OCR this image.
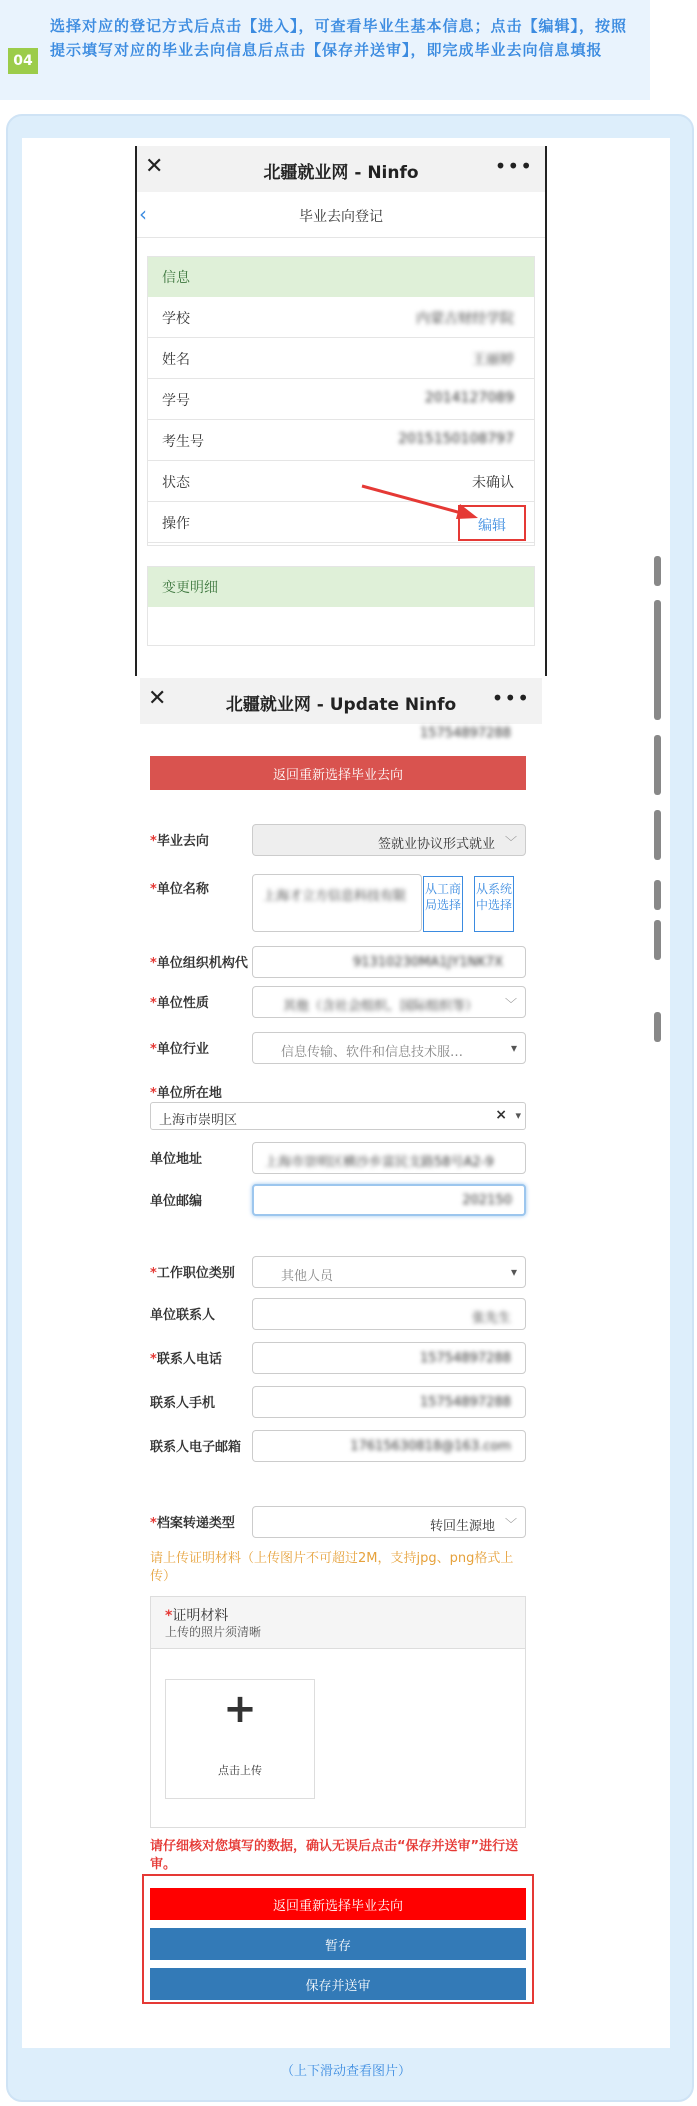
04
选择对应的登记方式后点击【进入】，可查看毕业生基本信息；点击【编辑】，按照提示填写对应的毕业去向信息后点击【保存并送审】，即完成毕业去向信息填报
✕	北疆就业网 - Ninfo	•••
‹	毕业去向登记
信息
学校	内蒙古财经学院
姓名	王丽婷
学号	2014127089
考生号	2015150108797
状态	未确认
操作	编辑
变更明细
✕	北疆就业网 - Update Ninfo	•••
15754897288
返回重新选择毕业去向
*毕业去向	签就业协议形式就业 ﹀
*单位名称	上海才立方信息科技有限	从工商局选择
从系统中选择
*单位组织机构代	91310230MA1JY1NK7X
*单位性质	其他（含社会组织、国际组织等） ﹀
*单位行业	信息传输、软件和信息技术服…	▾
*单位所在地
上海市崇明区	× ▾
单位地址	上海市崇明区横沙乡富民支路58号A2-9
单位邮编	202150
*工作职位类别	其他人员	▾
单位联系人	张先生
*联系人电话	15754897288
联系人手机	15754897288
联系人电子邮箱	17615630818@163.com
*档案转递类型	转回生源地 ﹀
请上传证明材料（上传图片不可超过2M，支持jpg、png格式上传）
*证明材料
上传的照片须清晰
+
点击上传
请仔细核对您填写的数据，确认无误后点击“保存并送审”进行送审。
返回重新选择毕业去向
暂存
保存并送审
（上下滑动查看图片）
